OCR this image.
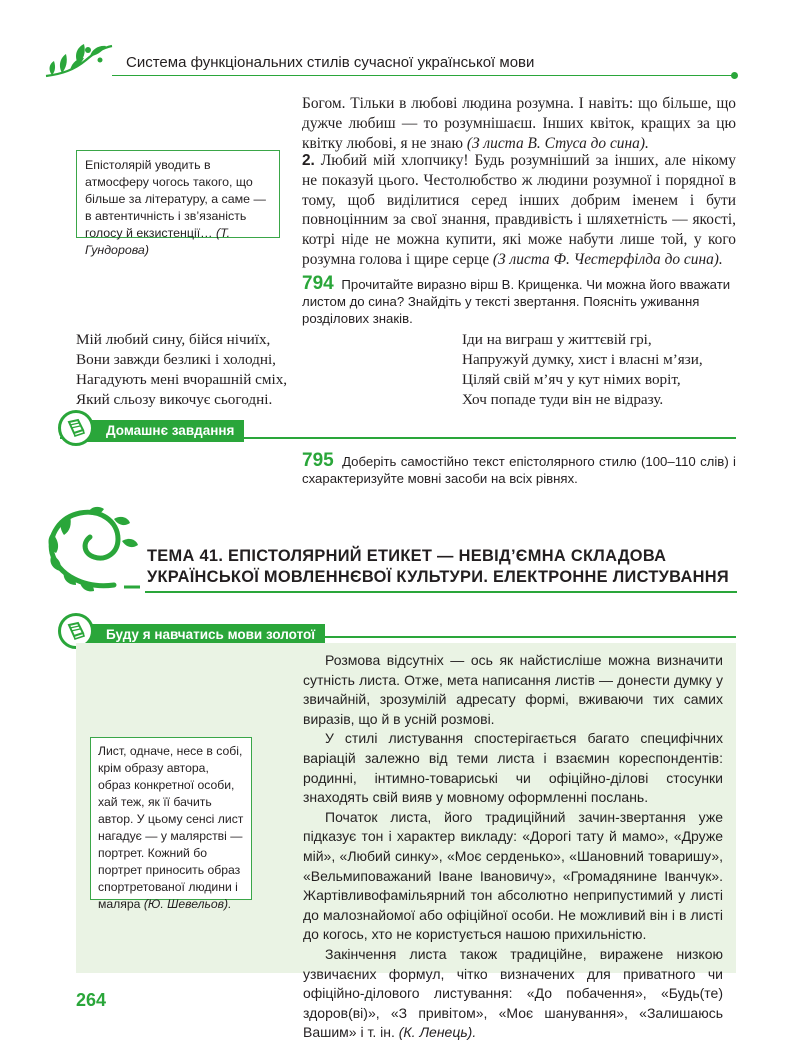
Система функціональних стилів сучасної української мови
Епістолярій уводить в атмосферу чогось такого, що більше за літературу, а саме — в автентичність і зв’язаність голосу й екзистенції… (Т. Гундорова)
Богом. Тільки в любові людина розумна. І навіть: що більше, що дужче любиш — то розумнішаєш. Інших квіток, кращих за цю квітку любові, я не знаю (З листа В. Стуса до сина).
2. Любий мій хлопчику! Будь розумніший за інших, але нікому не показуй цього. Честолюбство ж людини розумної і порядної в тому, щоб виділитися серед інших добрим іменем і бути повноцінним за свої знання, правдивість і шляхетність — якості, котрі ніде не можна купити, які може набути лише той, у кого розумна голова і щире серце (З листа Ф. Честерфілда до сина).
794 Прочитайте виразно вірш В. Крищенка. Чи можна його вважати листом до сина? Знайдіть у тексті звертання. Поясніть уживання розділових знаків.
Мій любий сину, бійся нічиїх,
Вони завжди безликі і холодні,
Нагадують мені вчорашній сміх,
Який сльозу викочує сьогодні.
Іди на виграш у життєвій грі,
Напружуй думку, хист і власні м’язи,
Ціляй свій м’яч у кут німих воріт,
Хоч попаде туди він не відразу.
Домашнє завдання
795 Доберіть самостійно текст епістолярного стилю (100–110 слів) і схарактеризуйте мовні засоби на всіх рівнях.
ТЕМА 41. ЕПІСТОЛЯРНИЙ ЕТИКЕТ — НЕВІД’ЄМНА СКЛАДОВА
УКРАЇНСЬКОЇ МОВЛЕННЄВОЇ КУЛЬТУРИ. ЕЛЕКТРОННЕ ЛИСТУВАННЯ
Буду я навчатись мови золотої
Лист, одначе, несе в собі, крім образу автора, образ конкретної особи, хай теж, як її бачить автор. У цьому сенсі лист нагадує — у малярстві — портрет. Кожний бо портрет приносить образ спортретованої людини і маляра (Ю. Шевельов).

Розмова відсутніх — ось як найстисліше можна визначити сутність листа. Отже, мета написання листів — донести думку у звичайній, зрозумілій адресату формі, вживаючи тих самих виразів, що й в усній розмові.

У стилі листування спостерігається багато специфічних варіацій залежно від теми листа і взаємин кореспондентів: родинні, інтимно-товариські чи офіційно-ділові стосунки знаходять свій вияв у мовному оформленні послань.

Початок листа, його традиційний зачин-звертання уже підказує тон і характер викладу: «Дорогі тату й мамо», «Друже мій», «Любий синку», «Моє серденько», «Шановний товаришу», «Вельмиповажаний Іване Івановичу», «Громадянине Іванчук». Жартівливофамільярний тон абсолютно неприпустимий у листі до малознайомої або офіційної особи. Не можливий він і в листі до когось, хто не користується нашою прихильністю.

Закінчення листа також традиційне, виражене низкою узвичаєних формул, чітко визначених для приватного чи офіційно-ділового листування: «До побачення», «Будь(те) здоров(ві)», «З привітом», «Моє шанування», «Залишаюсь Вашим» і т. ін. (К. Ленець).

264
